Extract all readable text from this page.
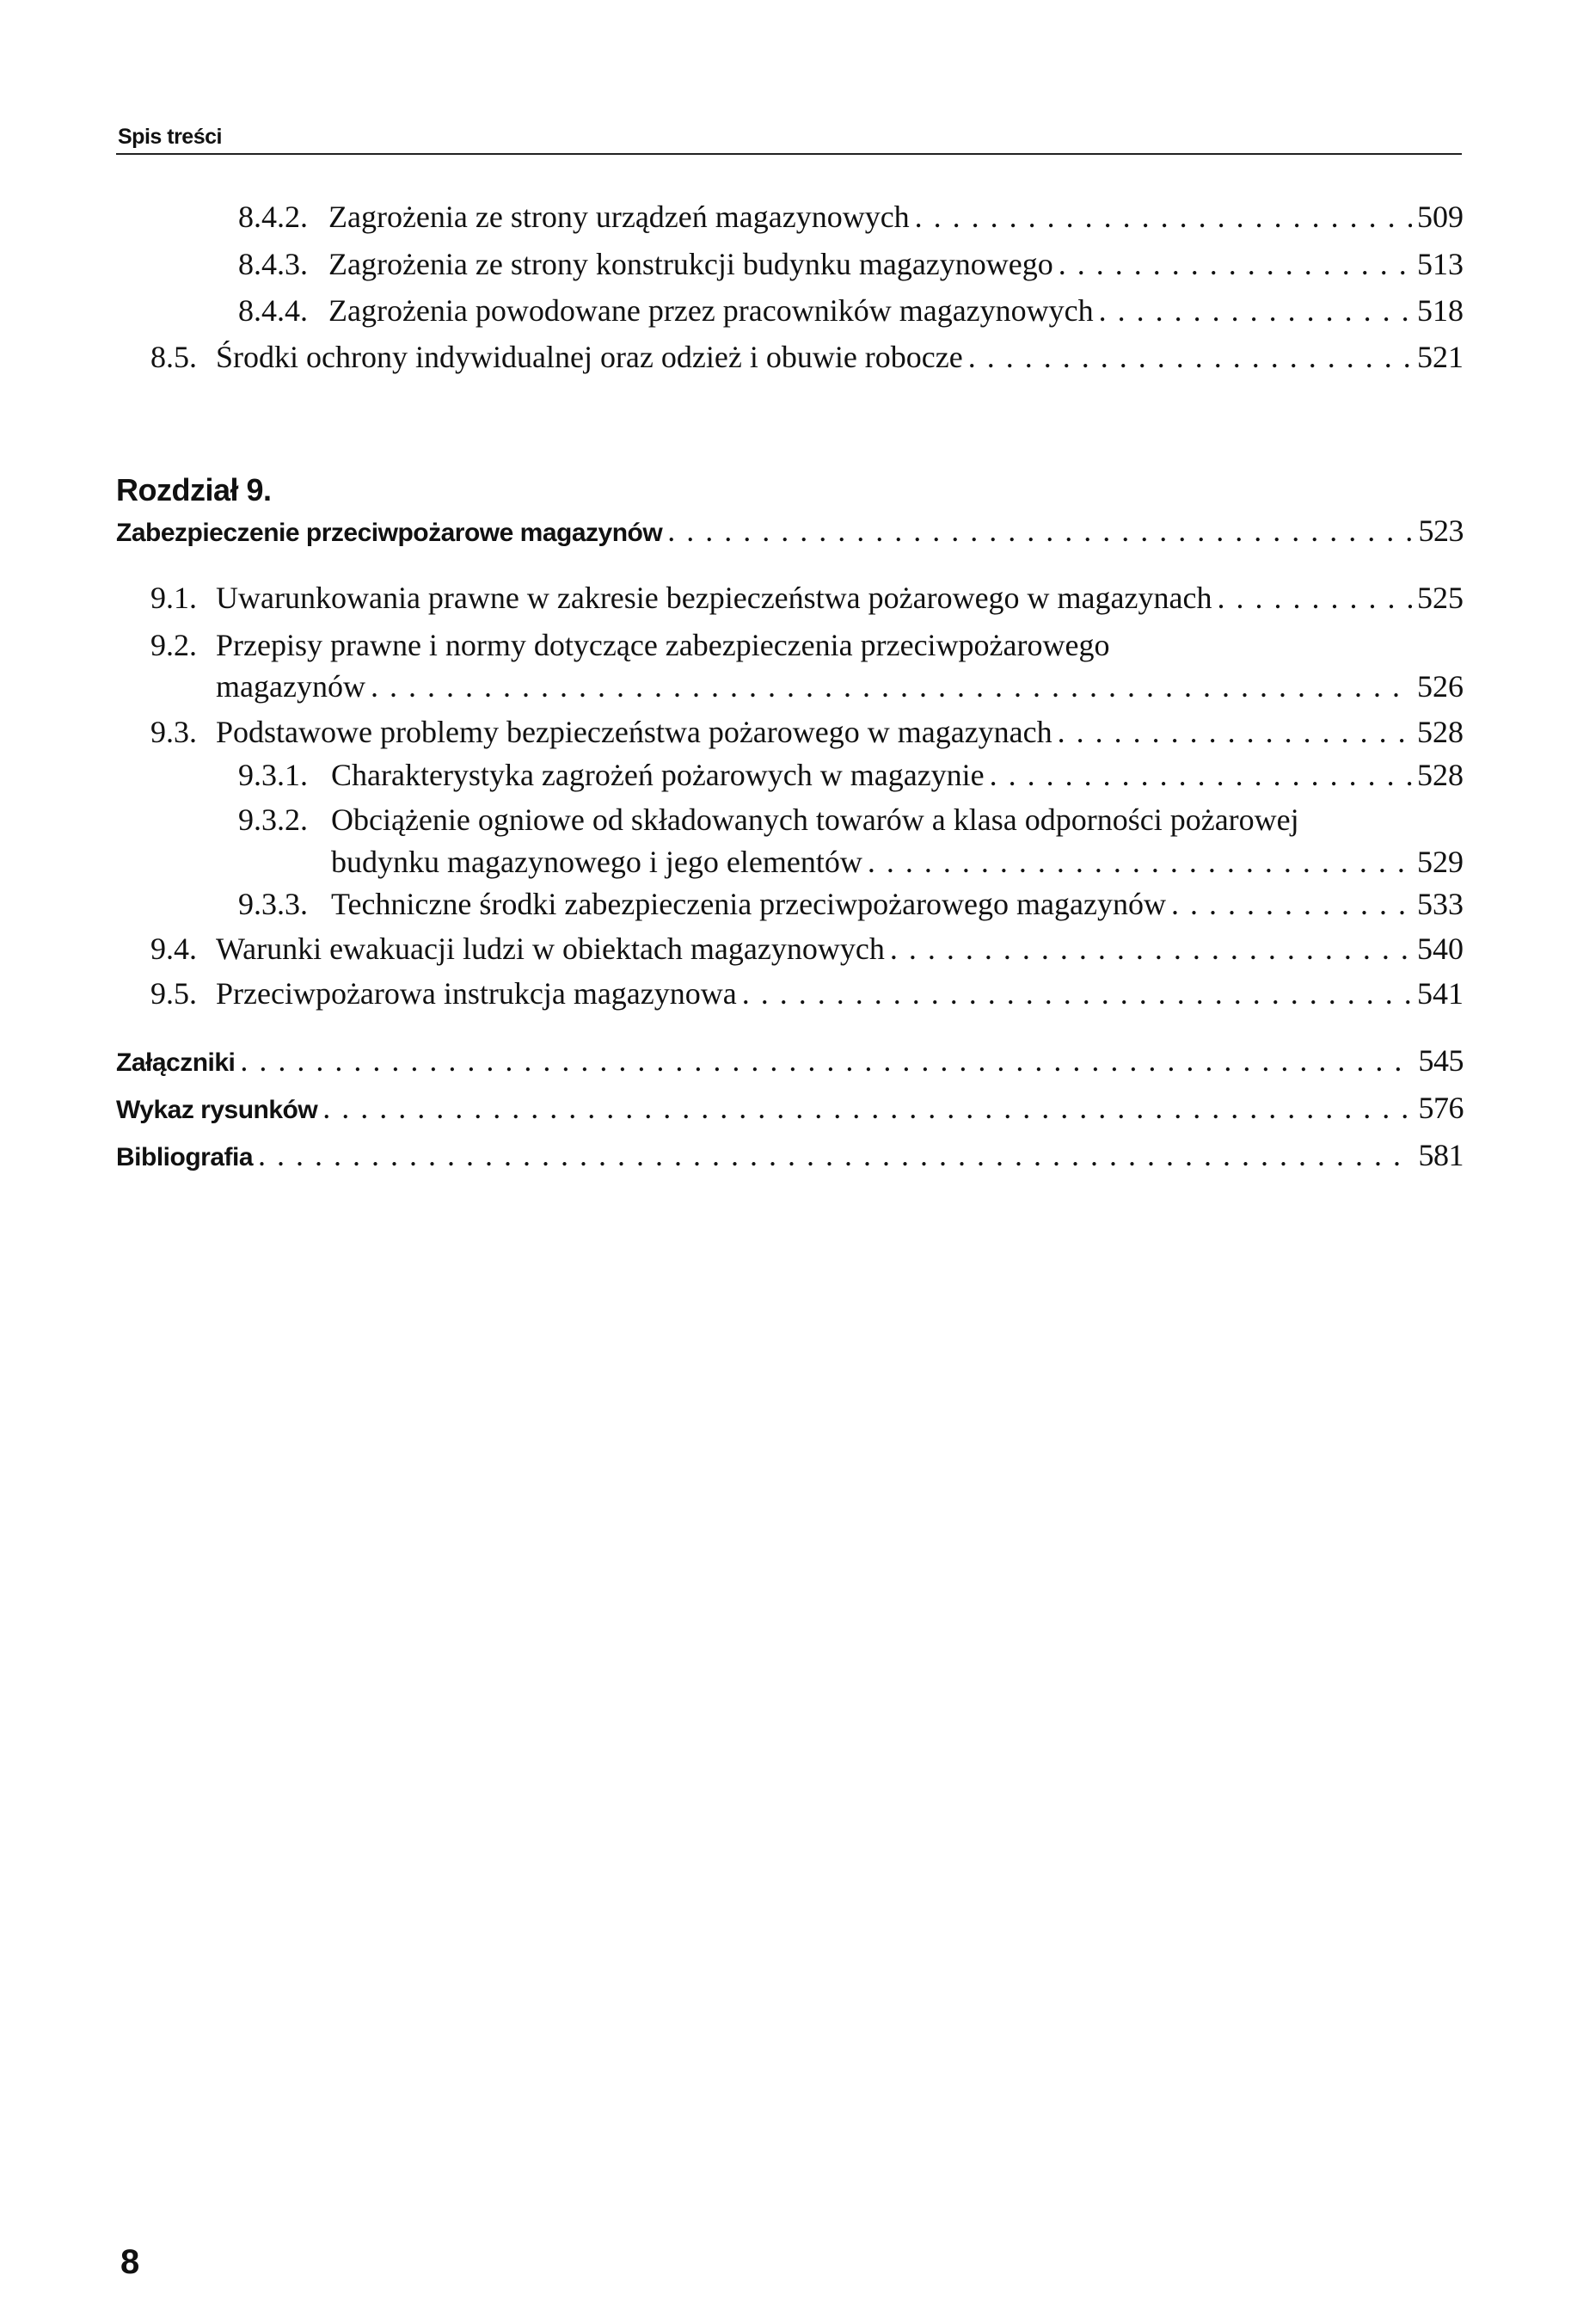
Spis treści
8.4.2. Zagrożenia ze strony urządzeń magazynowych . . .	509
8.4.3. Zagrożenia ze strony konstrukcji budynku magazynowego . . .	513
8.4.4. Zagrożenia powodowane przez pracowników magazynowych . . .	518
8.5. Środki ochrony indywidualnej oraz odzież i obuwie robocze . . .	521
Rozdział 9.
Zabezpieczenie przeciwpożarowe magazynów . . .	523
9.1. Uwarunkowania prawne w zakresie bezpieczeństwa pożarowego w magazynach . . .	525
9.2. Przepisy prawne i normy dotyczące zabezpieczenia przeciwpożarowego
magazynów . . .	526
9.3. Podstawowe problemy bezpieczeństwa pożarowego w magazynach . . .	528
9.3.1. Charakterystyka zagrożeń pożarowych w magazynie . . .	528
9.3.2. Obciążenie ogniowe od składowanych towarów a klasa odporności pożarowej
budynku magazynowego i jego elementów . . .	529
9.3.3. Techniczne środki zabezpieczenia przeciwpożarowego magazynów . . .	533
9.4. Warunki ewakuacji ludzi w obiektach magazynowych . . .	540
9.5. Przeciwpożarowa instrukcja magazynowa . . .	541
Załączniki . . .	545
Wykaz rysunków . . .	576
Bibliografia . . .	581
8
